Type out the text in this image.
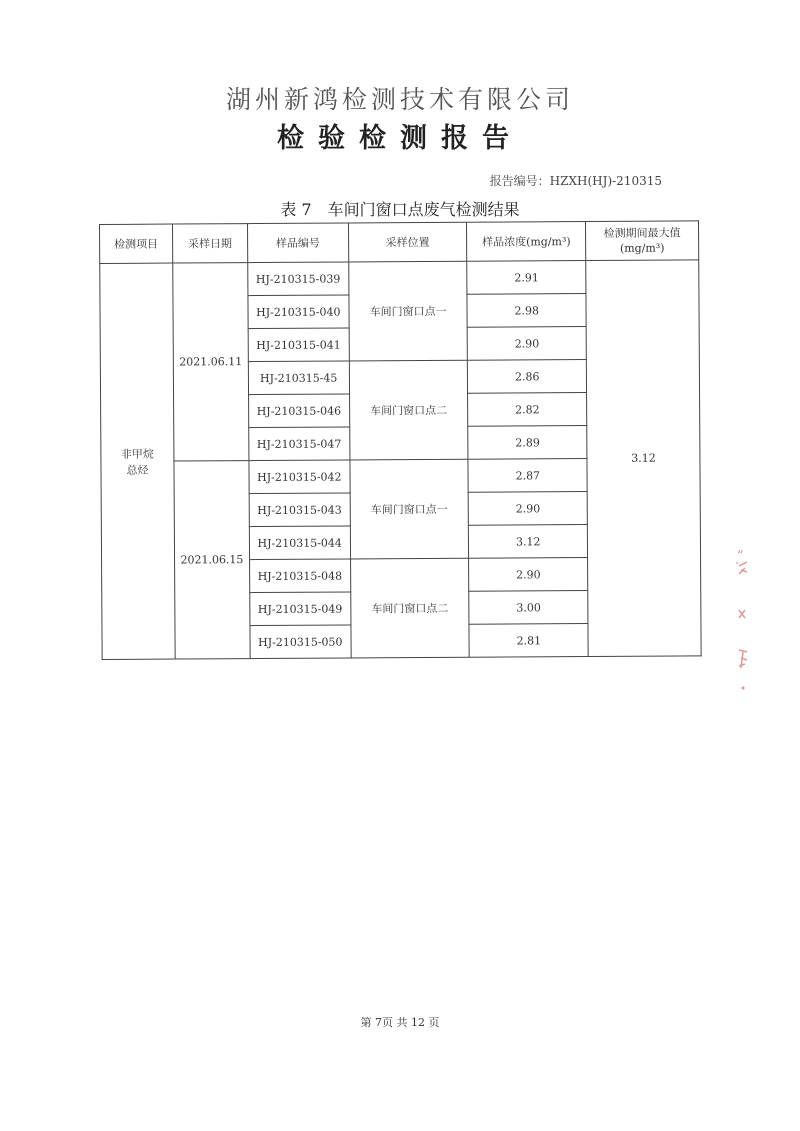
湖州新鸿检测技术有限公司
检验检测报告
报告编号：HZXH(HJ)-210315
表 7 车间门窗口点废气检测结果
检测项目	采样日期	样品编号	采样位置	样品浓度(mg/m³)	检测期间最大值
(mg/m³)
非甲烷总烃	2021.06.11	HJ-210315-039	车间门窗口点一	2.91	3.12
		HJ-210315-040		2.98	
		HJ-210315-041		2.90	
		HJ-210315-45	车间门窗口点二	2.86	
		HJ-210315-046		2.82	
		HJ-210315-047		2.89	
	2021.06.15	HJ-210315-042	车间门窗口点一	2.87	
		HJ-210315-043		2.90	
		HJ-210315-044		3.12	
		HJ-210315-048	车间门窗口点二	2.90	
		HJ-210315-049		3.00	
		HJ-210315-050		2.81	
“
·
第 7页 共 12 页
